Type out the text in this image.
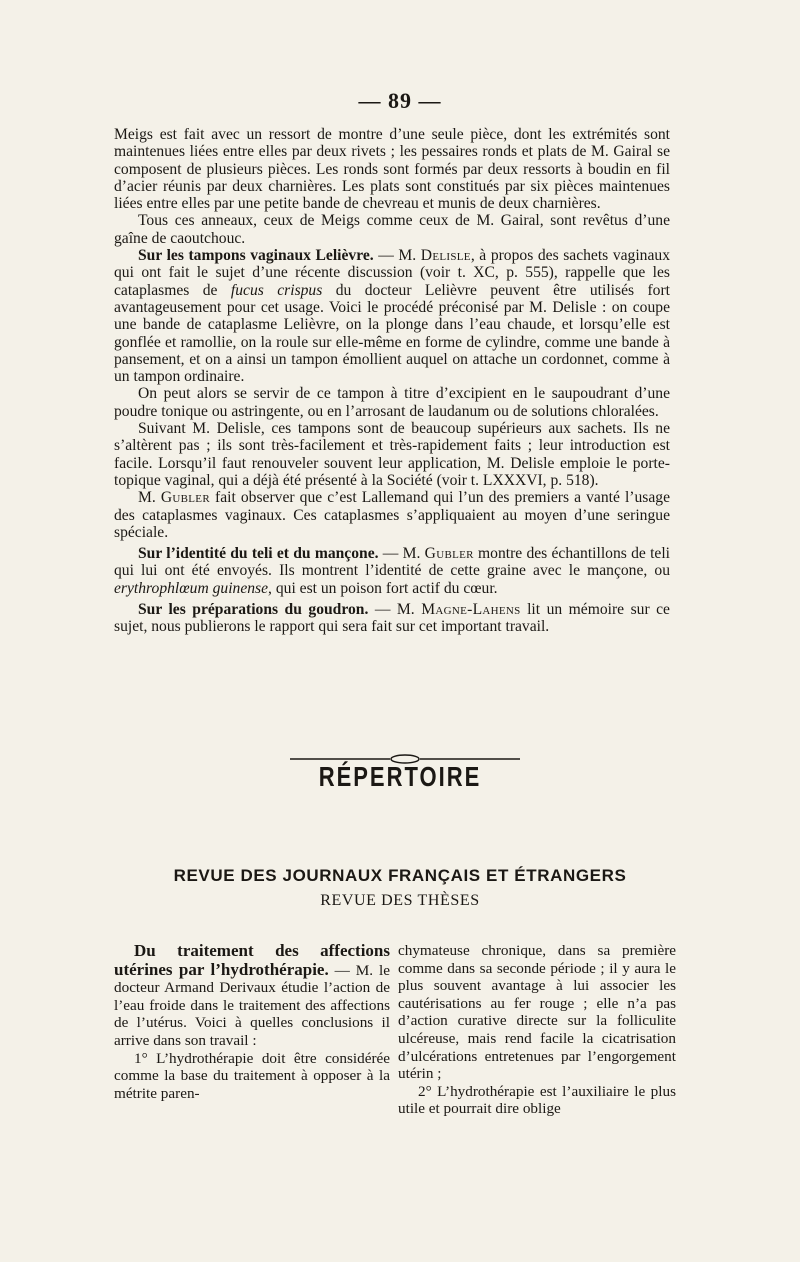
— 89 —

Meigs est fait avec un ressort de montre d’une seule pièce, dont les extrémités sont maintenues liées entre elles par deux rivets ; les pessaires ronds et plats de M. Gairal se composent de plusieurs pièces. Les ronds sont formés par deux ressorts à boudin en fil d’acier réunis par deux charnières. Les plats sont constitués par six pièces maintenues liées entre elles par une petite bande de chevreau et munis de deux charnières.

Tous ces anneaux, ceux de Meigs comme ceux de M. Gairal, sont revêtus d’une gaîne de caoutchouc.

Sur les tampons vaginaux Lelièvre. — M. Delisle, à propos des sachets vaginaux qui ont fait le sujet d’une récente discussion (voir t. XC, p. 555), rappelle que les cataplasmes de fucus crispus du docteur Lelièvre peuvent être utilisés fort avantageusement pour cet usage. Voici le procédé préconisé par M. Delisle : on coupe une bande de cataplasme Lelièvre, on la plonge dans l’eau chaude, et lorsqu’elle est gonflée et ramollie, on la roule sur elle-même en forme de cylindre, comme une bande à pansement, et on a ainsi un tampon émollient auquel on attache un cordonnet, comme à un tampon ordinaire.

On peut alors se servir de ce tampon à titre d’excipient en le saupoudrant d’une poudre tonique ou astringente, ou en l’arrosant de laudanum ou de solutions chloralées.

Suivant M. Delisle, ces tampons sont de beaucoup supérieurs aux sachets. Ils ne s’altèrent pas ; ils sont très-facilement et très-rapidement faits ; leur introduction est facile. Lorsqu’il faut renouveler souvent leur application, M. Delisle emploie le porte-topique vaginal, qui a déjà été présenté à la Société (voir t. LXXXVI, p. 518).

M. Gubler fait observer que c’est Lallemand qui l’un des premiers a vanté l’usage des cataplasmes vaginaux. Ces cataplasmes s’appliquaient au moyen d’une seringue spéciale.

Sur l’identité du teli et du mançone. — M. Gubler montre des échantillons de teli qui lui ont été envoyés. Ils montrent l’identité de cette graine avec le mançone, ou erythrophlœum guinense, qui est un poison fort actif du cœur.

Sur les préparations du goudron. — M. Magne-Lahens lit un mémoire sur ce sujet, nous publierons le rapport qui sera fait sur cet important travail.

RÉPERTOIRE
REVUE DES JOURNAUX FRANÇAIS ET ÉTRANGERS
REVUE DES THÈSES

Du traitement des affections utérines par l’hydrothérapie. — M. le docteur Armand Derivaux étudie l’action de l’eau froide dans le traitement des affections de l’utérus. Voici à quelles conclusions il arrive dans son travail :

1° L’hydrothérapie doit être considérée comme la base du traitement à opposer à la métrite paren-

chymateuse chronique, dans sa première comme dans sa seconde période ; il y aura le plus souvent avantage à lui associer les cautérisations au fer rouge ; elle n’a pas d’action curative directe sur la folliculite ulcéreuse, mais rend facile la cicatrisation d’ulcérations entretenues par l’engorgement utérin ;

2° L’hydrothérapie est l’auxiliaire le plus utile et pourrait dire oblige
